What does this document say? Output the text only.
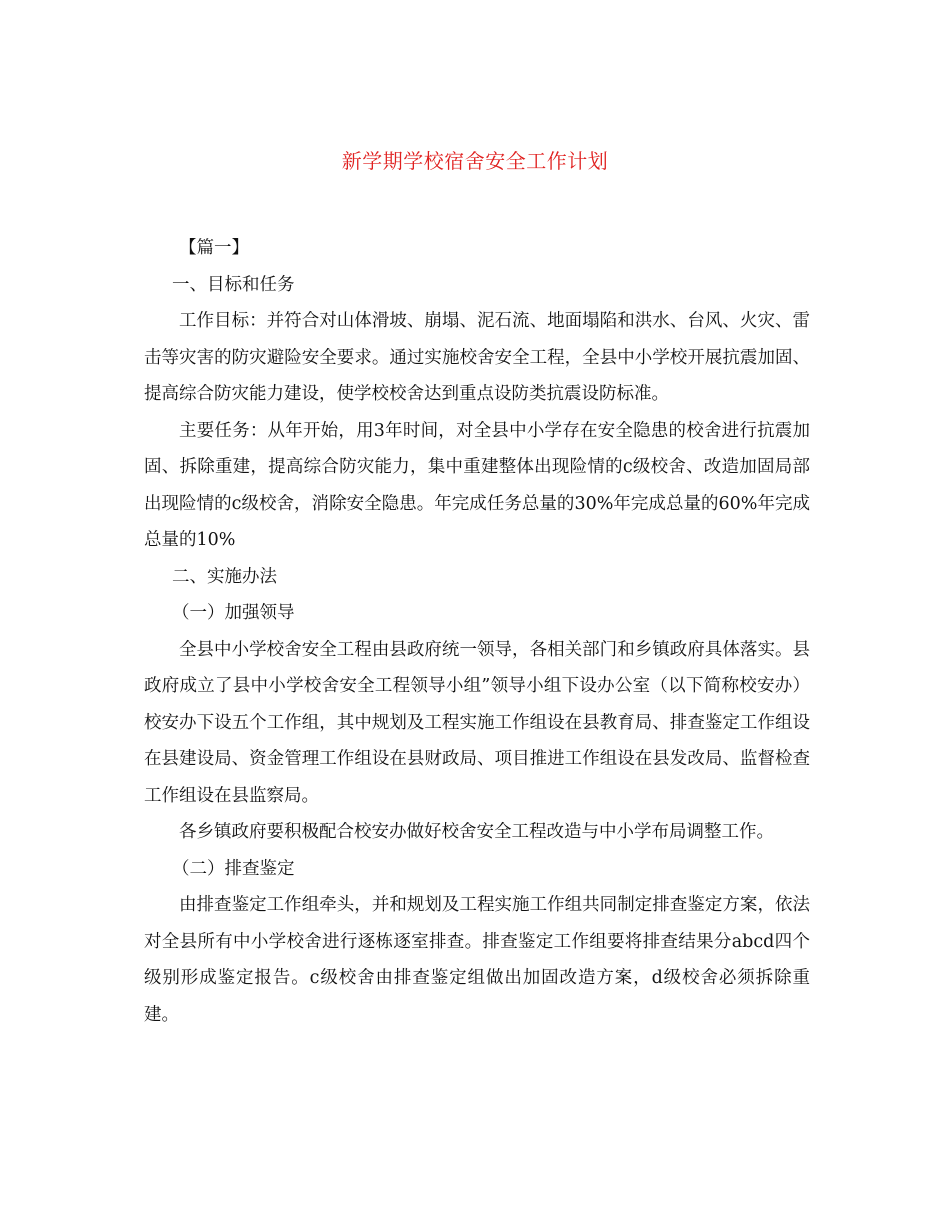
新学期学校宿舍安全工作计划

【篇一】

一、目标和任务

工作目标：并符合对山体滑坡、崩塌、泥石流、地面塌陷和洪水、台风、火灾、雷击等灾害的防灾避险安全要求。通过实施校舍安全工程，全县中小学校开展抗震加固、提高综合防灾能力建设，使学校校舍达到重点设防类抗震设防标准。

主要任务：从年开始，用3年时间，对全县中小学存在安全隐患的校舍进行抗震加固、拆除重建，提高综合防灾能力，集中重建整体出现险情的c级校舍、改造加固局部出现险情的c级校舍，消除安全隐患。年完成任务总量的30%年完成总量的60%年完成总量的10%

二、实施办法

（一）加强领导

全县中小学校舍安全工程由县政府统一领导，各相关部门和乡镇政府具体落实。县政府成立了县中小学校舍安全工程领导小组”领导小组下设办公室（以下简称校安办）校安办下设五个工作组，其中规划及工程实施工作组设在县教育局、排查鉴定工作组设在县建设局、资金管理工作组设在县财政局、项目推进工作组设在县发改局、监督检查工作组设在县监察局。

各乡镇政府要积极配合校安办做好校舍安全工程改造与中小学布局调整工作。

（二）排查鉴定

由排查鉴定工作组牵头，并和规划及工程实施工作组共同制定排查鉴定方案，依法对全县所有中小学校舍进行逐栋逐室排查。排查鉴定工作组要将排查结果分abcd四个级别形成鉴定报告。c级校舍由排查鉴定组做出加固改造方案，d级校舍必须拆除重建。
